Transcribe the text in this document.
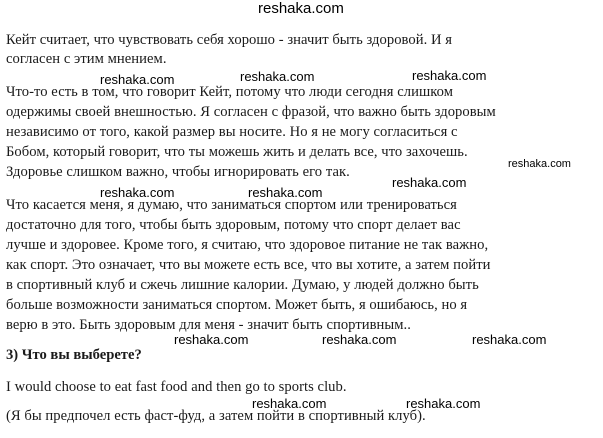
reshaka.com
Кейт считает, что чувствовать себя хорошо - значит быть здоровой. И я
согласен с этим мнением.
Что-то есть в том, что говорит Кейт, потому что люди сегодня слишком
одержимы своей внешностью. Я согласен с фразой, что важно быть здоровым
независимо от того, какой размер вы носите. Но я не могу согласиться с
Бобом, который говорит, что ты можешь жить и делать все, что захочешь.
Здоровье слишком важно, чтобы игнорировать его так.
Что касается меня, я думаю, что заниматься спортом или тренироваться
достаточно для того, чтобы быть здоровым, потому что спорт делает вас
лучше и здоровее. Кроме того, я считаю, что здоровое питание не так важно,
как спорт. Это означает, что вы можете есть все, что вы хотите, а затем пойти
в спортивный клуб и сжечь лишние калории. Думаю, у людей должно быть
больше возможности заниматься спортом. Может быть, я ошибаюсь, но я
верю в это. Быть здоровым для меня - значит быть спортивным..
3) Что вы выберете?
I would choose to eat fast food and then go to sports club.
(Я бы предпочел есть фаст-фуд, а затем пойти в спортивный клуб).
reshaka.com	reshaka.com	reshaka.com
reshaka.com
reshaka.com
reshaka.com	reshaka.com
reshaka.com	reshaka.com	reshaka.com
reshaka.com	reshaka.com
